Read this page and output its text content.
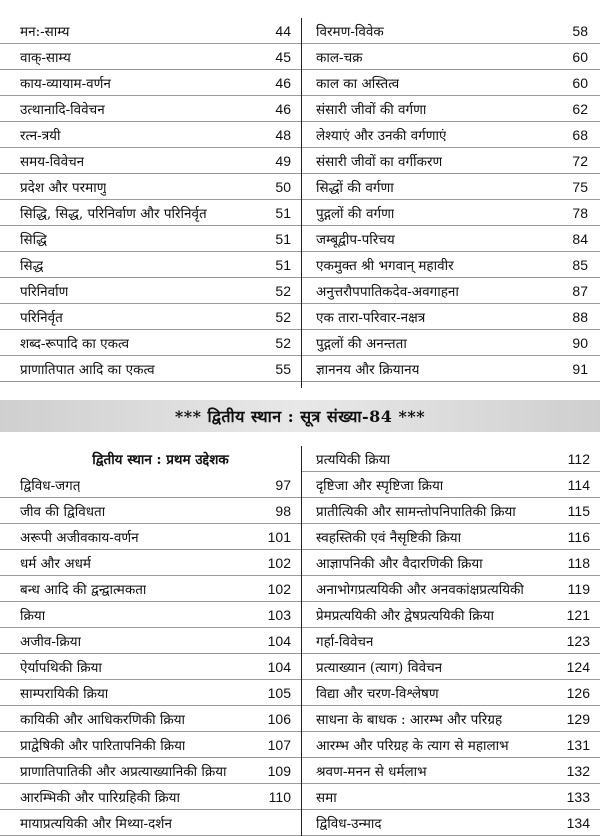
मन:-साम्य	44
वाक्-साम्य	45
काय-व्यायाम-वर्णन	46
उत्थानादि-विवेचन	46
रत्न-त्रयी	48
समय-विवेचन	49
प्रदेश और परमाणु	50
सिद्धि, सिद्ध, परिनिर्वाण और परिनिर्वृत	51
सिद्धि	51
सिद्ध	51
परिनिर्वाण	52
परिनिर्वृत	52
शब्द-रूपादि का एकत्व	52
प्राणातिपात आदि का एकत्व	55
विरमण-विवेक	58
काल-चक्र	60
काल का अस्तित्व	60
संसारी जीवों की वर्गणा	62
लेश्याएं और उनकी वर्गणाएं	68
संसारी जीवों का वर्गीकरण	72
सिद्धों की वर्गणा	75
पुद्गलों की वर्गणा	78
जम्बूद्वीप-परिचय	84
एकमुक्त श्री भगवान् महावीर	85
अनुत्तरौपपातिकदेव-अवगाहना	87
एक तारा-परिवार-नक्षत्र	88
पुद्गलों की अनन्तता	90
ज्ञाननय और क्रियानय	91
*** द्वितीय स्थान : सूत्र संख्या-84 ***
द्वितीय स्थान : प्रथम उद्देशक
द्विविध-जगत्	97
जीव की द्विविधता	98
अरूपी अजीवकाय-वर्णन	101
धर्म और अधर्म	102
बन्ध आदि की द्वन्द्वात्मकता	102
क्रिया	103
अजीव-क्रिया	104
ऐर्यापथिकी क्रिया	104
साम्परायिकी क्रिया	105
कायिकी और आधिकरणिकी क्रिया	106
प्राद्वेषिकी और पारितापनिकी क्रिया	107
प्राणातिपातिकी और अप्रत्याख्यानिकी क्रिया	109
आरम्भिकी और पारिग्रहिकी क्रिया	110
मायाप्रत्ययिकी और मिथ्या-दर्शन
प्रत्ययिकी क्रिया	112
दृष्टिजा और स्पृष्टिजा क्रिया	114
प्रातीत्यिकी और सामन्तोपनिपातिकी क्रिया	115
स्वहस्तिकी एवं नैसृष्टिकी क्रिया	116
आज्ञापनिकी और वैदारणिकी क्रिया	118
अनाभोगप्रत्ययिकी और अनवकांक्षप्रत्ययिकी	119
प्रेमप्रत्ययिकी और द्वेषप्रत्ययिकी क्रिया	121
गर्हा-विवेचन	123
प्रत्याख्यान (त्याग) विवेचन	124
विद्या और चरण-विश्लेषण	126
साधना के बाधक : आरम्भ और परिग्रह	129
आरम्भ और परिग्रह के त्याग से महालाभ	131
श्रवण-मनन से धर्मलाभ	132
समा	133
द्विविध-उन्माद	134
